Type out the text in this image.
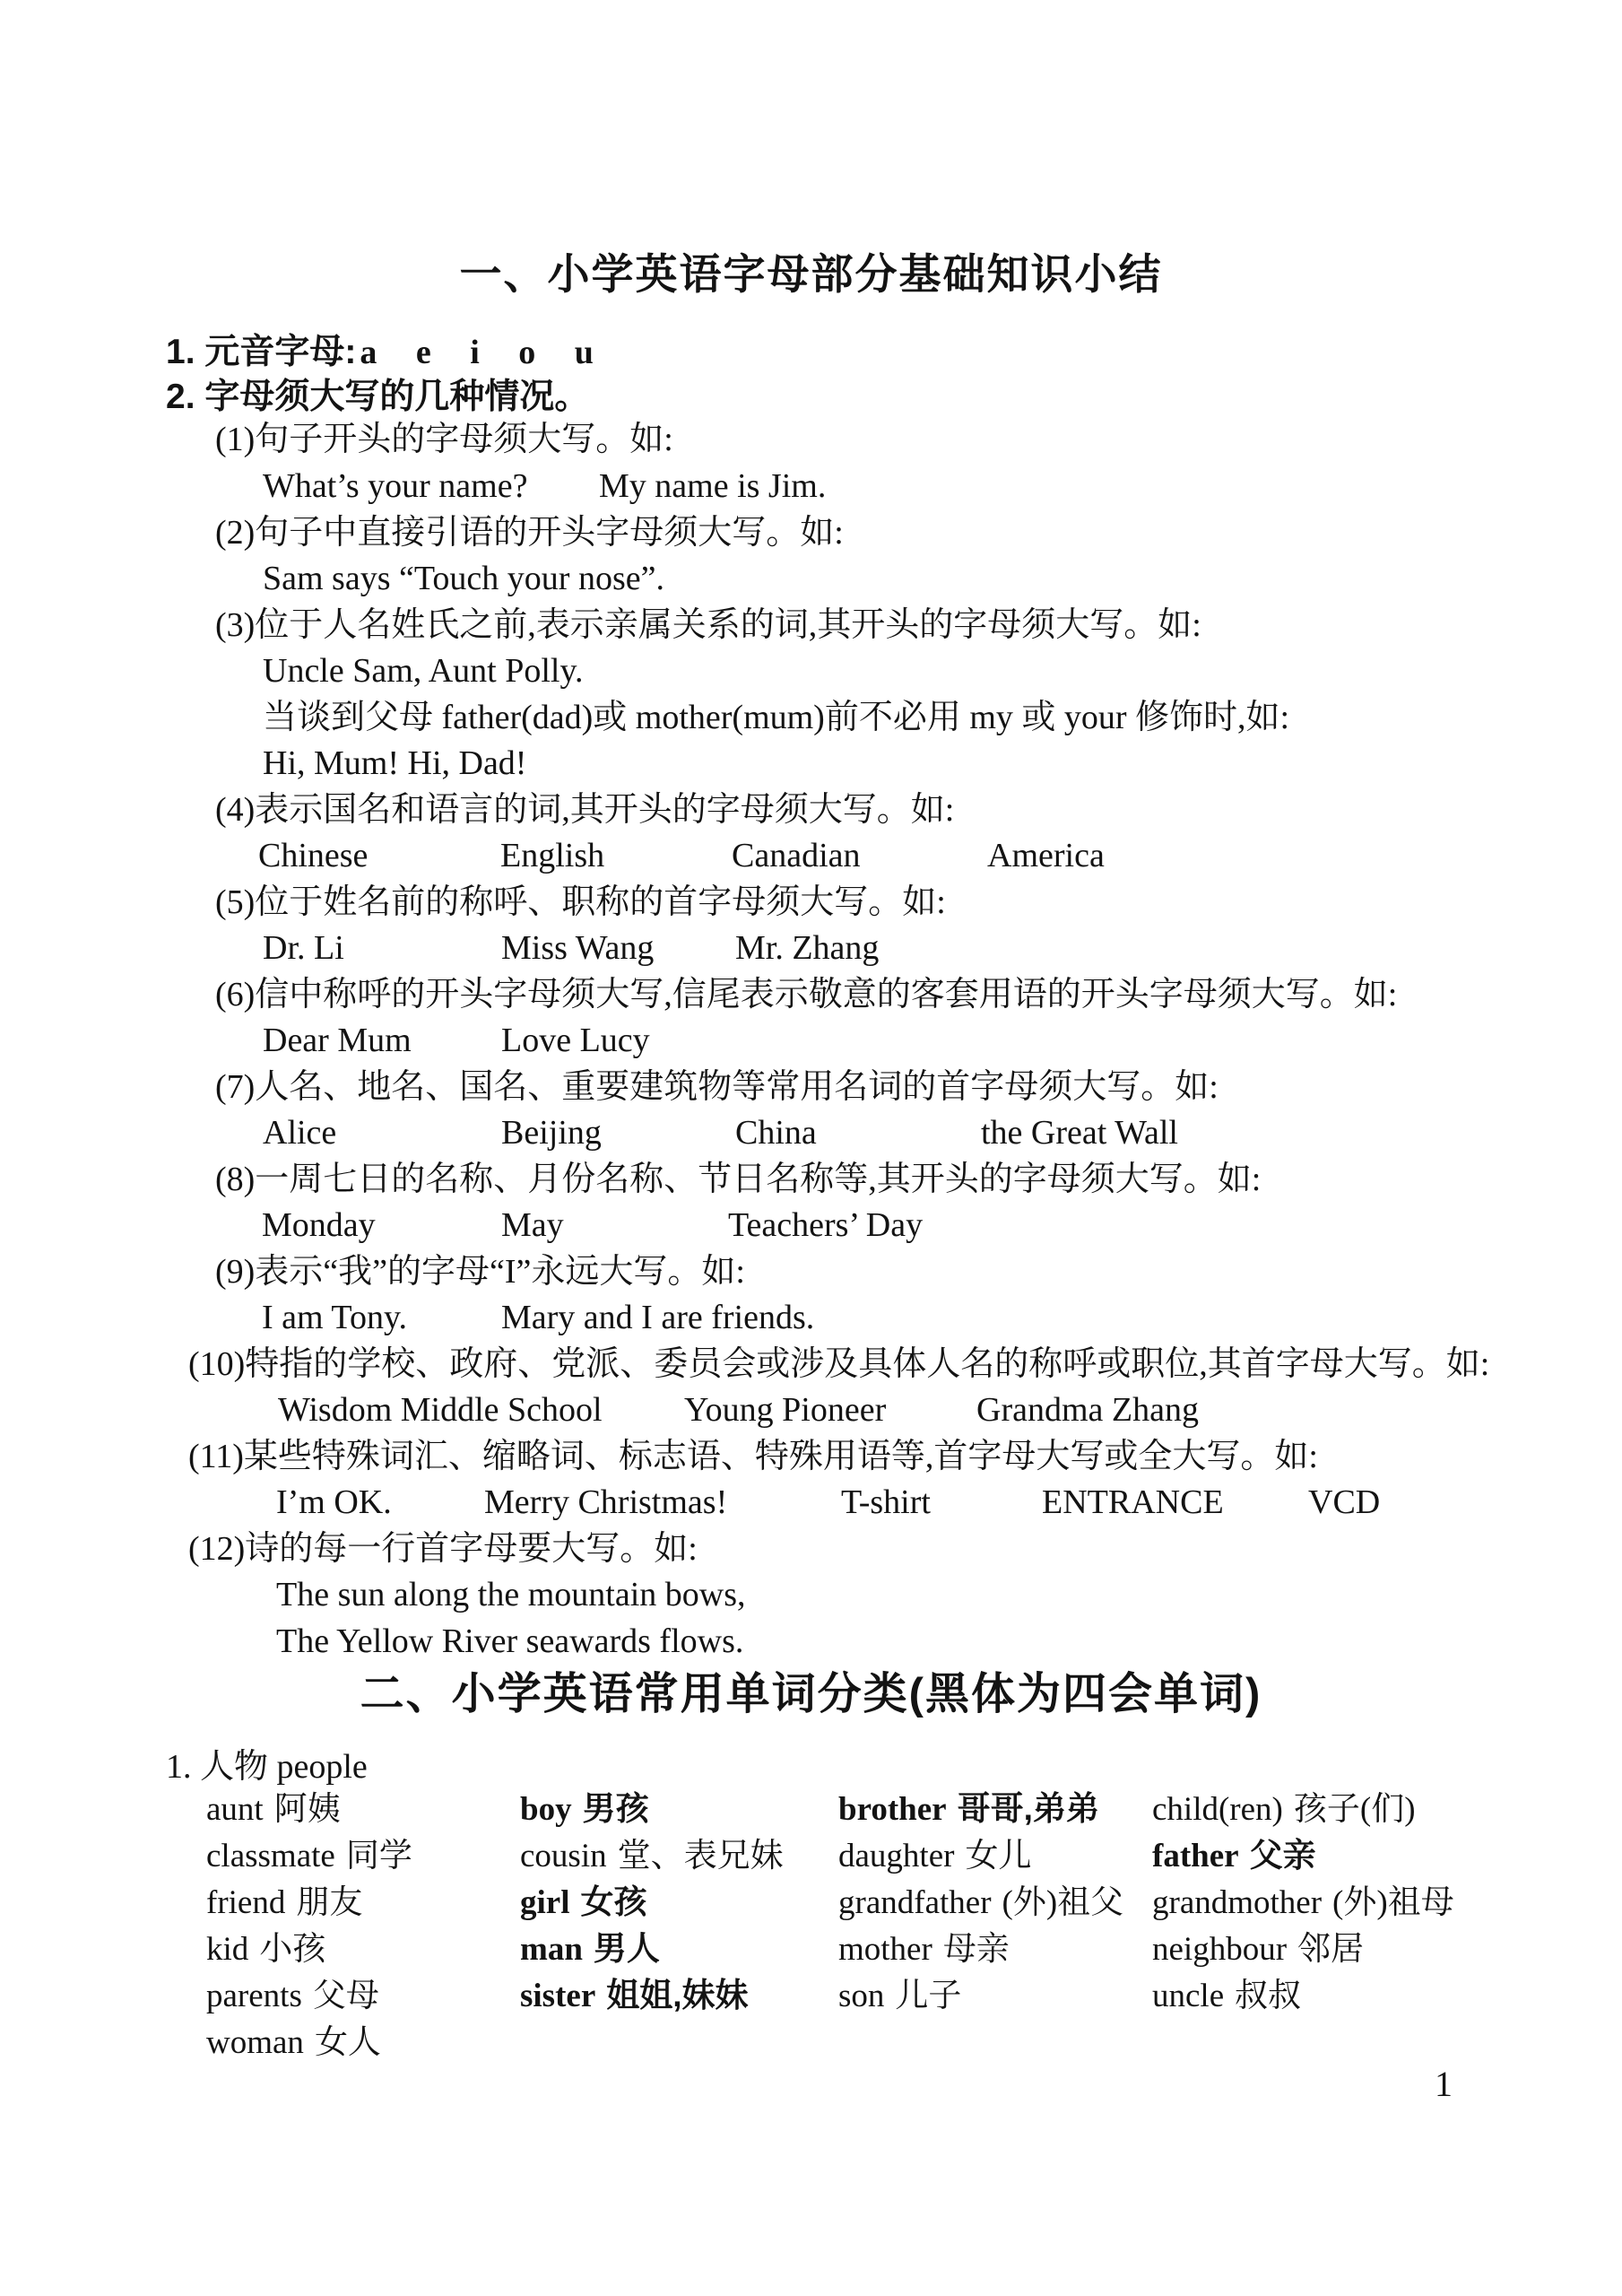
一、小学英语字母部分基础知识小结
1. 元音字母: a e i o u
2. 字母须大写的几种情况。
(1)句子开头的字母须大写。如:
What’s your name? My name is Jim.
(2)句子中直接引语的开头字母须大写。如:
Sam says “Touch your nose”.
(3)位于人名姓氏之前,表示亲属关系的词,其开头的字母须大写。如:
Uncle Sam, Aunt Polly.
当谈到父母 father(dad)或 mother(mum)前不必用 my 或 your 修饰时,如:
Hi, Mum! Hi, Dad!
(4)表示国名和语言的词,其开头的字母须大写。如:
Chinese	English	Canadian	America
(5)位于姓名前的称呼、职称的首字母须大写。如:
Dr. Li	Miss Wang Mr. Zhang
(6)信中称呼的开头字母须大写,信尾表示敬意的客套用语的开头字母须大写。如:
Dear Mum	Love Lucy
(7)人名、地名、国名、重要建筑物等常用名词的首字母须大写。如:
Alice	Beijing	China	the Great Wall
(8)一周七日的名称、月份名称、节日名称等,其开头的字母须大写。如:
Monday	May	Teachers’ Day
(9)表示“我”的字母“I”永远大写。如:
I am Tony.	Mary and I are friends.
(10)特指的学校、政府、党派、委员会或涉及具体人名的称呼或职位,其首字母大写。如:
Wisdom Middle School Young Pioneer	Grandma Zhang
(11)某些特殊词汇、缩略词、标志语、特殊用语等,首字母大写或全大写。如:
I’m OK.	Merry Christmas!	T-shirt	ENTRANCE VCD
(12)诗的每一行首字母要大写。如:
The sun along the mountain bows,
The Yellow River seawards flows.
二、小学英语常用单词分类(黑体为四会单词)
1. 人物 people
aunt 阿姨	boy 男孩	brother 哥哥,弟弟 child(ren) 孩子(们)
classmate 同学	cousin 堂、表兄妹 daughter 女儿	father 父亲
friend 朋友	girl 女孩	grandfather (外)祖父 grandmother (外)祖母
kid 小孩	man 男人	mother 母亲	neighbour 邻居
parents 父母	sister 姐姐,妹妹	son 儿子	uncle 叔叔
woman 女人
1
